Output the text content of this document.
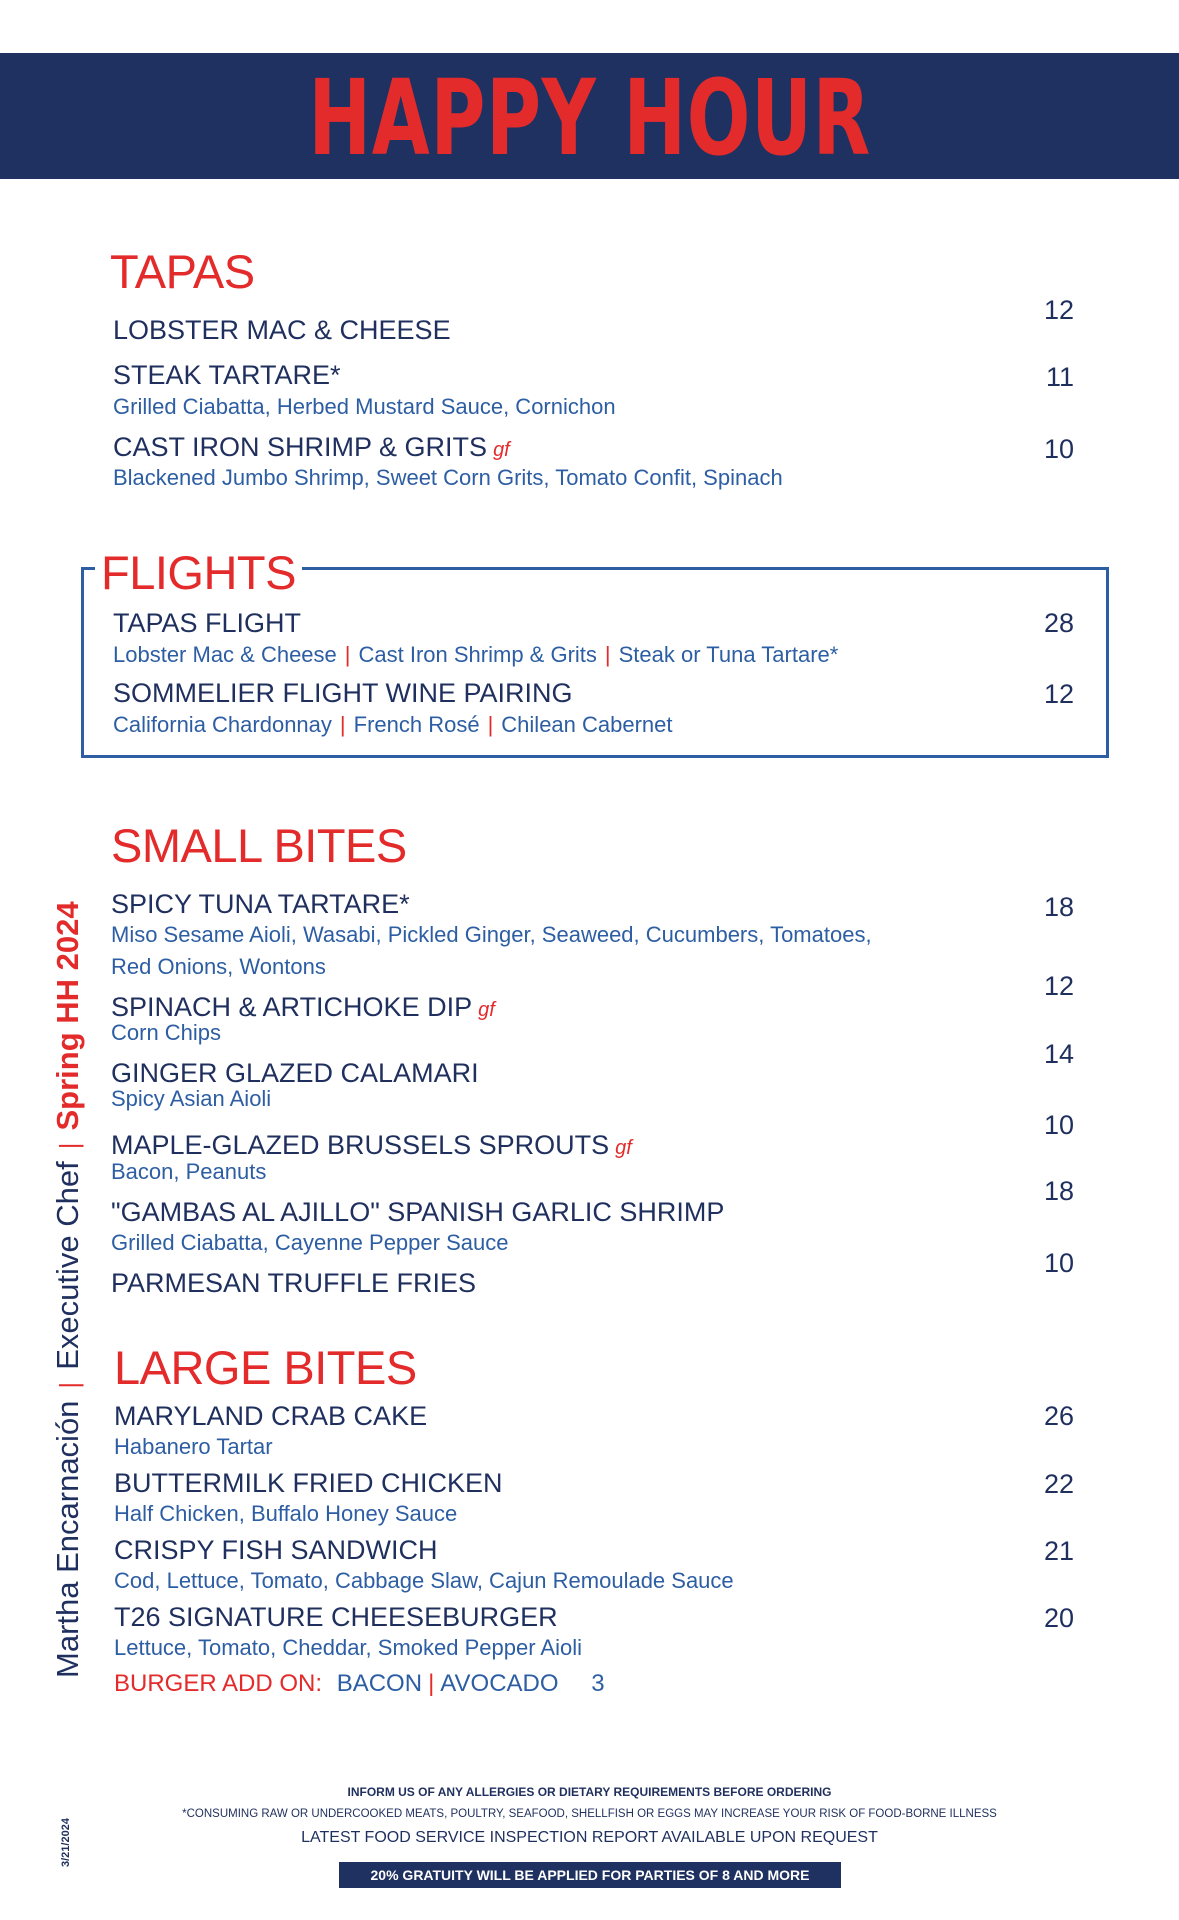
HAPPY HOUR
TAPAS
LOBSTER MAC & CHEESE
12
STEAK TARTARE*
Grilled Ciabatta, Herbed Mustard Sauce, Cornichon
11
CAST IRON SHRIMP & GRITS gf
Blackened Jumbo Shrimp, Sweet Corn Grits, Tomato Confit, Spinach
10
FLIGHTS
TAPAS FLIGHT
Lobster Mac & Cheese | Cast Iron Shrimp & Grits | Steak or Tuna Tartare*
28
SOMMELIER FLIGHT WINE PAIRING
California Chardonnay | French Rosé | Chilean Cabernet
12
SMALL BITES
SPICY TUNA TARTARE*
Miso Sesame Aioli, Wasabi, Pickled Ginger, Seaweed, Cucumbers, Tomatoes,
Red Onions, Wontons
18
SPINACH & ARTICHOKE DIP gf
Corn Chips
12
GINGER GLAZED CALAMARI
Spicy Asian Aioli
14
MAPLE-GLAZED BRUSSELS SPROUTS gf
Bacon, Peanuts
10
"GAMBAS AL AJILLO" SPANISH GARLIC SHRIMP
Grilled Ciabatta, Cayenne Pepper Sauce
18
PARMESAN TRUFFLE FRIES
10
LARGE BITES
MARYLAND CRAB CAKE
Habanero Tartar
26
BUTTERMILK FRIED CHICKEN
Half Chicken, Buffalo Honey Sauce
22
CRISPY FISH SANDWICH
Cod, Lettuce, Tomato, Cabbage Slaw, Cajun Remoulade Sauce
21
T26 SIGNATURE CHEESEBURGER
Lettuce, Tomato, Cheddar, Smoked Pepper Aioli
20
BURGER ADD ON: BACON | AVOCADO 3
Martha Encarnación|Executive Chef|Spring HH 2024
3/21/2024
INFORM US OF ANY ALLERGIES OR DIETARY REQUIREMENTS BEFORE ORDERING
*CONSUMING RAW OR UNDERCOOKED MEATS, POULTRY, SEAFOOD, SHELLFISH OR EGGS MAY INCREASE YOUR RISK OF FOOD-BORNE ILLNESS
LATEST FOOD SERVICE INSPECTION REPORT AVAILABLE UPON REQUEST
20% GRATUITY WILL BE APPLIED FOR PARTIES OF 8 AND MORE
